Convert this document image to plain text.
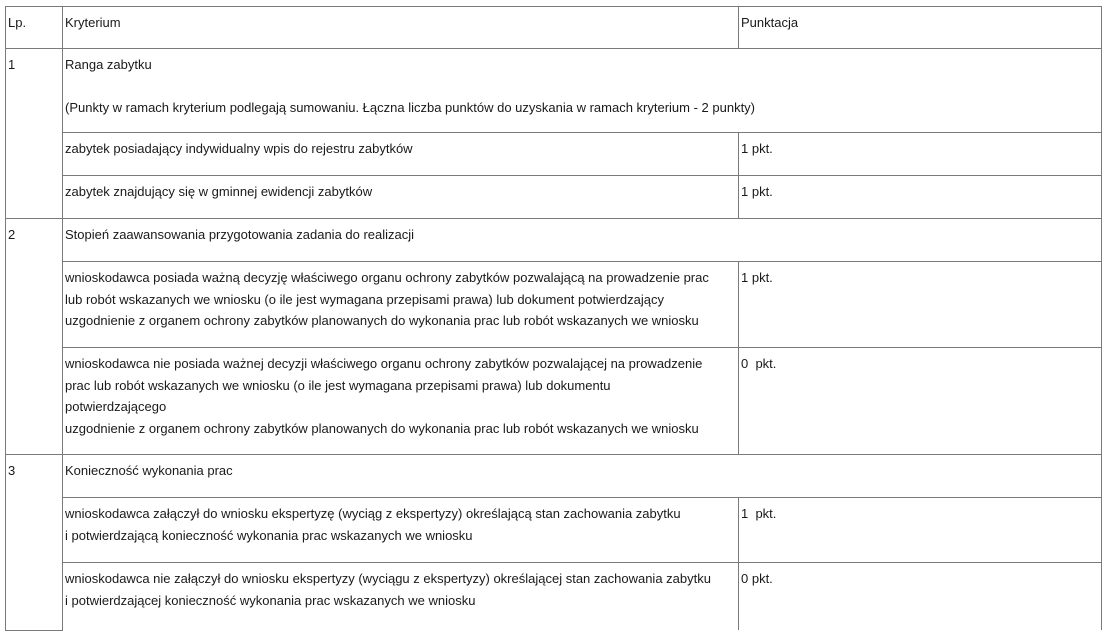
Lp.	Kryterium	Punktacja
1	Ranga zabytku
(Punkty w ramach kryterium podlegają sumowaniu. Łączna liczba punktów do uzyskania w ramach kryterium - 2 punkty)	
	zabytek posiadający indywidualny wpis do rejestru zabytków	1 pkt.
	zabytek znajdujący się w gminnej ewidencji zabytków	1 pkt.
2	Stopień zaawansowania przygotowania zadania do realizacji	
	wnioskodawca posiada ważną decyzję właściwego organu ochrony zabytków pozwalającą na prowadzenie prac
lub robót wskazanych we wniosku (o ile jest wymagana przepisami prawa) lub dokument potwierdzający
uzgodnienie z organem ochrony zabytków planowanych do wykonania prac lub robót wskazanych we wniosku	1 pkt.
	wnioskodawca nie posiada ważnej decyzji właściwego organu ochrony zabytków pozwalającej na prowadzenie
prac lub robót wskazanych we wniosku (o ile jest wymagana przepisami prawa) lub dokumentu
potwierdzającego
uzgodnienie z organem ochrony zabytków planowanych do wykonania prac lub robót wskazanych we wniosku	0  pkt.
3	Konieczność wykonania prac	
	wnioskodawca załączył do wniosku ekspertyzę (wyciąg z ekspertyzy) określającą stan zachowania zabytku
i potwierdzającą konieczność wykonania prac wskazanych we wniosku	1  pkt.
	wnioskodawca nie załączył do wniosku ekspertyzy (wyciągu z ekspertyzy) określającej stan zachowania zabytku
i potwierdzającej konieczność wykonania prac wskazanych we wniosku	0 pkt.
